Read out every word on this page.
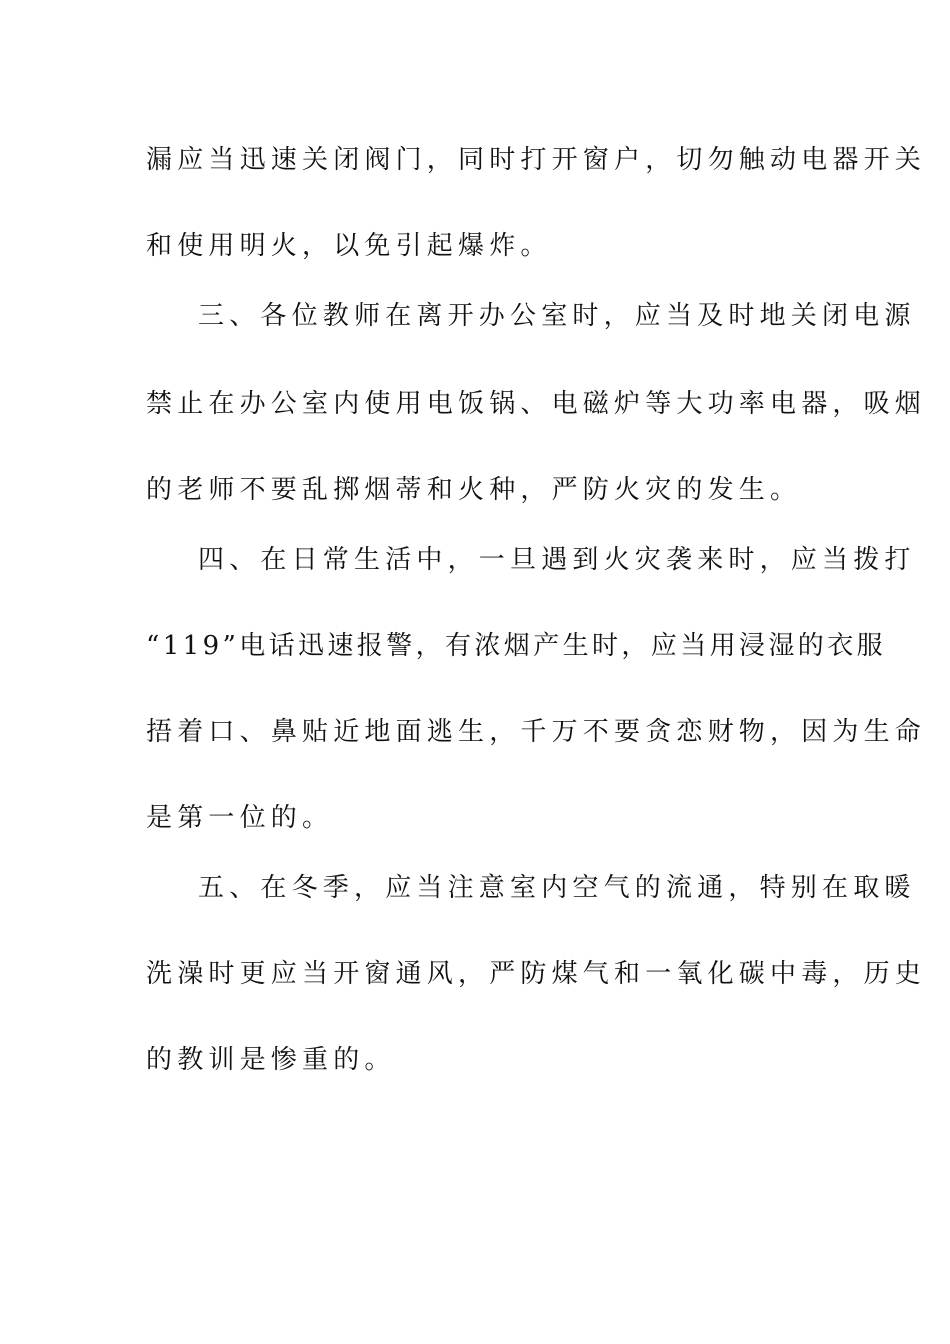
漏应当迅速关闭阀门，同时打开窗户，切勿触动电器开关
和使用明火，以免引起爆炸。
三、各位教师在离开办公室时，应当及时地关闭电源
禁止在办公室内使用电饭锅、电磁炉等大功率电器，吸烟
的老师不要乱掷烟蒂和火种，严防火灾的发生。
四、在日常生活中，一旦遇到火灾袭来时，应当拨打
“119”电话迅速报警，有浓烟产生时，应当用浸湿的衣服
捂着口、鼻贴近地面逃生，千万不要贪恋财物，因为生命
是第一位的。
五、在冬季，应当注意室内空气的流通，特别在取暖
洗澡时更应当开窗通风，严防煤气和一氧化碳中毒，历史
的教训是惨重的。
